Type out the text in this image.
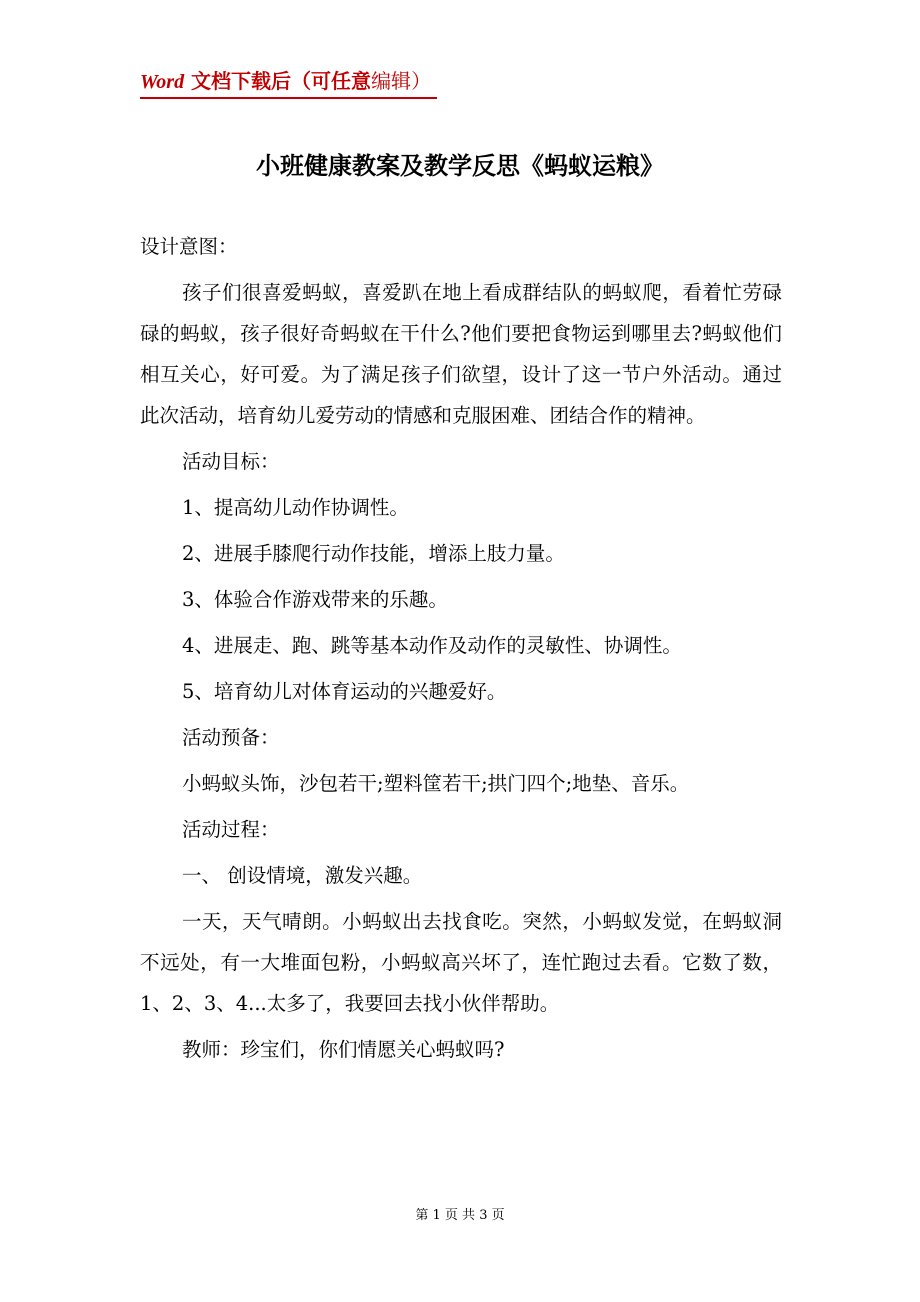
Word 文档下载后（可任意编辑）
小班健康教案及教学反思《蚂蚁运粮》

设计意图：

孩子们很喜爱蚂蚁，喜爱趴在地上看成群结队的蚂蚁爬，看着忙劳碌碌的蚂蚁，孩子很好奇蚂蚁在干什么?他们要把食物运到哪里去?蚂蚁他们相互关心，好可爱。为了满足孩子们欲望，设计了这一节户外活动。通过此次活动，培育幼儿爱劳动的情感和克服困难、团结合作的精神。

活动目标：

1、提高幼儿动作协调性。

2、进展手膝爬行动作技能，增添上肢力量。

3、体验合作游戏带来的乐趣。

4、进展走、跑、跳等基本动作及动作的灵敏性、协调性。

5、培育幼儿对体育运动的兴趣爱好。

活动预备：

小蚂蚁头饰，沙包若干;塑料筐若干;拱门四个;地垫、音乐。

活动过程：

一、 创设情境，激发兴趣。

一天，天气晴朗。小蚂蚁出去找食吃。突然，小蚂蚁发觉，在蚂蚁洞不远处，有一大堆面包粉，小蚂蚁高兴坏了，连忙跑过去看。它数了数，1、2、3、4...太多了，我要回去找小伙伴帮助。

教师：珍宝们，你们情愿关心蚂蚁吗?

第 1 页 共 3 页
